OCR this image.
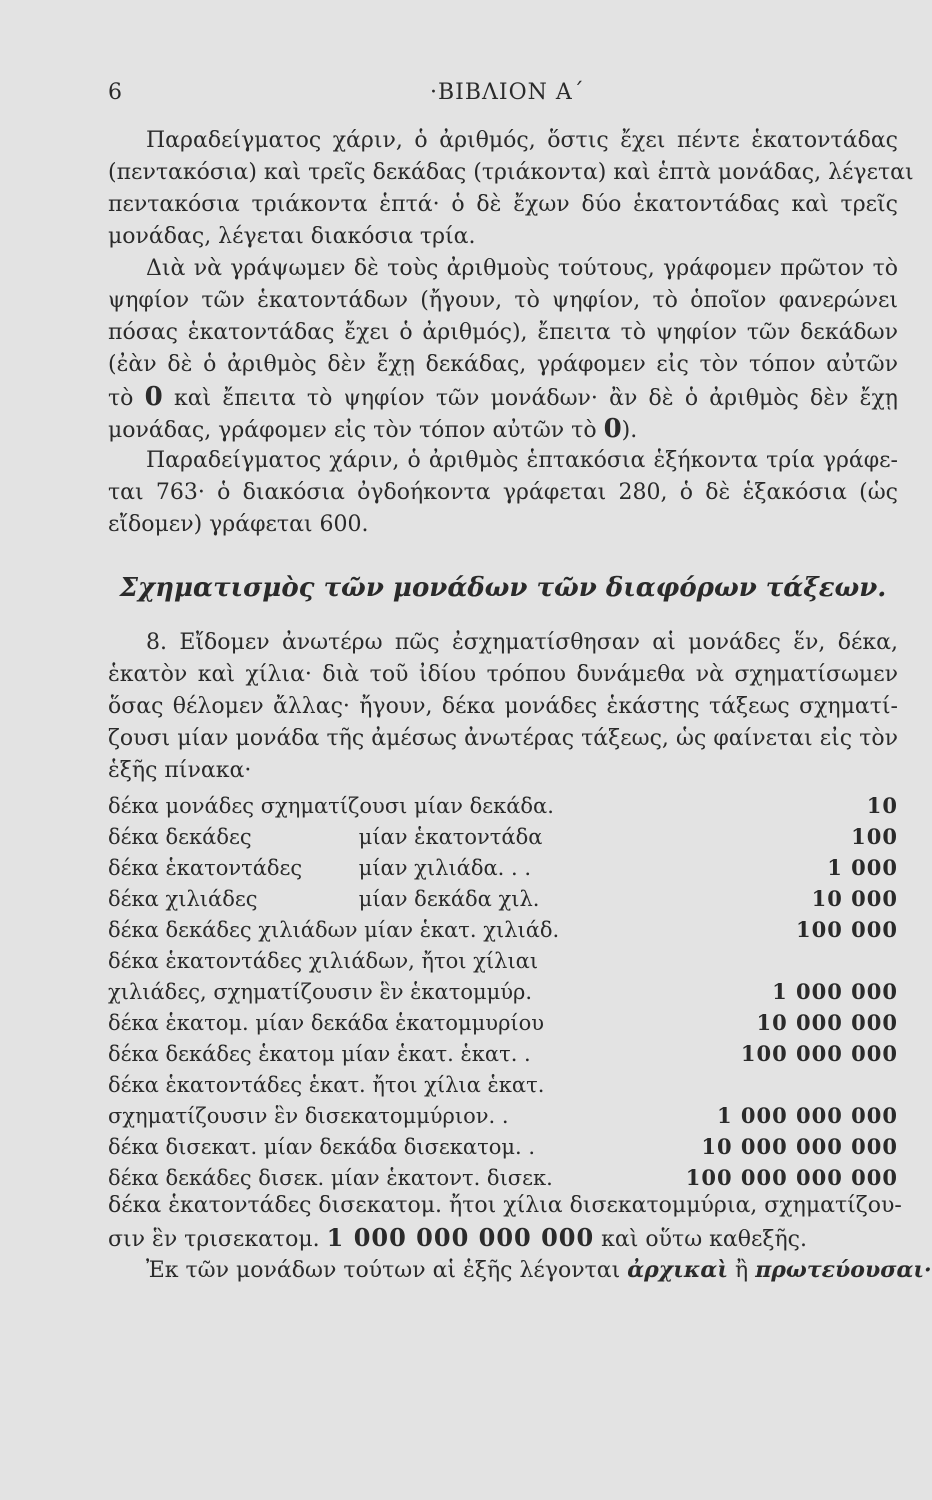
6	·ΒΙΒΛΙΟΝ Α΄
Παραδείγματος χάριν, ὁ ἀριθμός, ὅστις ἔχει πέντε ἑκατοντάδας
(πεντακόσια) καὶ τρεῖς δεκάδας (τριάκοντα) καὶ ἑπτὰ μονάδας, λέγεται
πεντακόσια τριάκοντα ἑπτά· ὁ δὲ ἔχων δύο ἑκατοντάδας καὶ τρεῖς
μονάδας, λέγεται διακόσια τρία.
Διὰ νὰ γράψωμεν δὲ τοὺς ἀριθμοὺς τούτους, γράφομεν πρῶτον τὸ
ψηφίον τῶν ἑκατοντάδων (ἤγουν, τὸ ψηφίον, τὸ ὁποῖον φανερώνει
πόσας ἑκατοντάδας ἔχει ὁ ἀριθμός), ἔπειτα τὸ ψηφίον τῶν δεκάδων
(ἐὰν δὲ ὁ ἀριθμὸς δὲν ἔχῃ δεκάδας, γράφομεν εἰς τὸν τόπον αὐτῶν
τὸ 0 καὶ ἔπειτα τὸ ψηφίον τῶν μονάδων· ἂν δὲ ὁ ἀριθμὸς δὲν ἔχῃ
μονάδας, γράφομεν εἰς τὸν τόπον αὐτῶν τὸ 0).
Παραδείγματος χάριν, ὁ ἀριθμὸς ἑπτακόσια ἑξήκοντα τρία γράφε-
ται 763· ὁ διακόσια ὀγδοήκοντα γράφεται 280, ὁ δὲ ἑξακόσια (ὡς
εἴδομεν) γράφεται 600.
Σχηματισμὸς τῶν μονάδων τῶν διαφόρων τάξεων.
8. Εἴδομεν ἀνωτέρω πῶς ἐσχηματίσθησαν αἱ μονάδες ἕν, δέκα,
ἑκατὸν καὶ χίλια· διὰ τοῦ ἰδίου τρόπου δυνάμεθα νὰ σχηματίσωμεν
ὅσας θέλομεν ἄλλας· ἤγουν, δέκα μονάδες ἑκάστης τάξεως σχηματί-
ζουσι μίαν μονάδα τῆς ἀμέσως ἀνωτέρας τάξεως, ὡς φαίνεται εἰς τὸν
ἑξῆς πίνακα·
δέκα μονάδες σχηματίζουσι μίαν δεκάδα.		10
δέκα δεκάδες	μίαν ἑκατοντάδα	100
δέκα ἑκατοντάδες	μίαν χιλιάδα. . .	1 000
δέκα χιλιάδες	μίαν δεκάδα χιλ.	10 000
δέκα δεκάδες χιλιάδων μίαν ἑκατ. χιλιάδ.		100 000
δέκα ἑκατοντάδες χιλιάδων, ἤτοι χίλιαι		
χιλιάδες, σχηματίζουσιν ἓν ἑκατομμύρ.		1 000 000
δέκα ἑκατομ. μίαν δεκάδα ἑκατομμυρίου		10 000 000
δέκα δεκάδες ἑκατομ μίαν ἑκατ. ἑκατ. .		100 000 000
δέκα ἑκατοντάδες ἑκατ. ἤτοι χίλια ἑκατ.		
σχηματίζουσιν ἓν δισεκατομμύριον. .		1 000 000 000
δέκα δισεκατ. μίαν δεκάδα δισεκατομ. .		10 000 000 000
δέκα δεκάδες δισεκ. μίαν ἑκατοντ. δισεκ.		100 000 000 000
δέκα ἑκατοντάδες δισεκατομ. ἤτοι χίλια δισεκατομμύρια, σχηματίζου-
σιν ἓν τρισεκατομ. 1 000 000 000 000 καὶ οὕτω καθεξῆς.
Ἐκ τῶν μονάδων τούτων αἱ ἑξῆς λέγονται ἀρχικαὶ ἢ πρωτεύουσαι·
